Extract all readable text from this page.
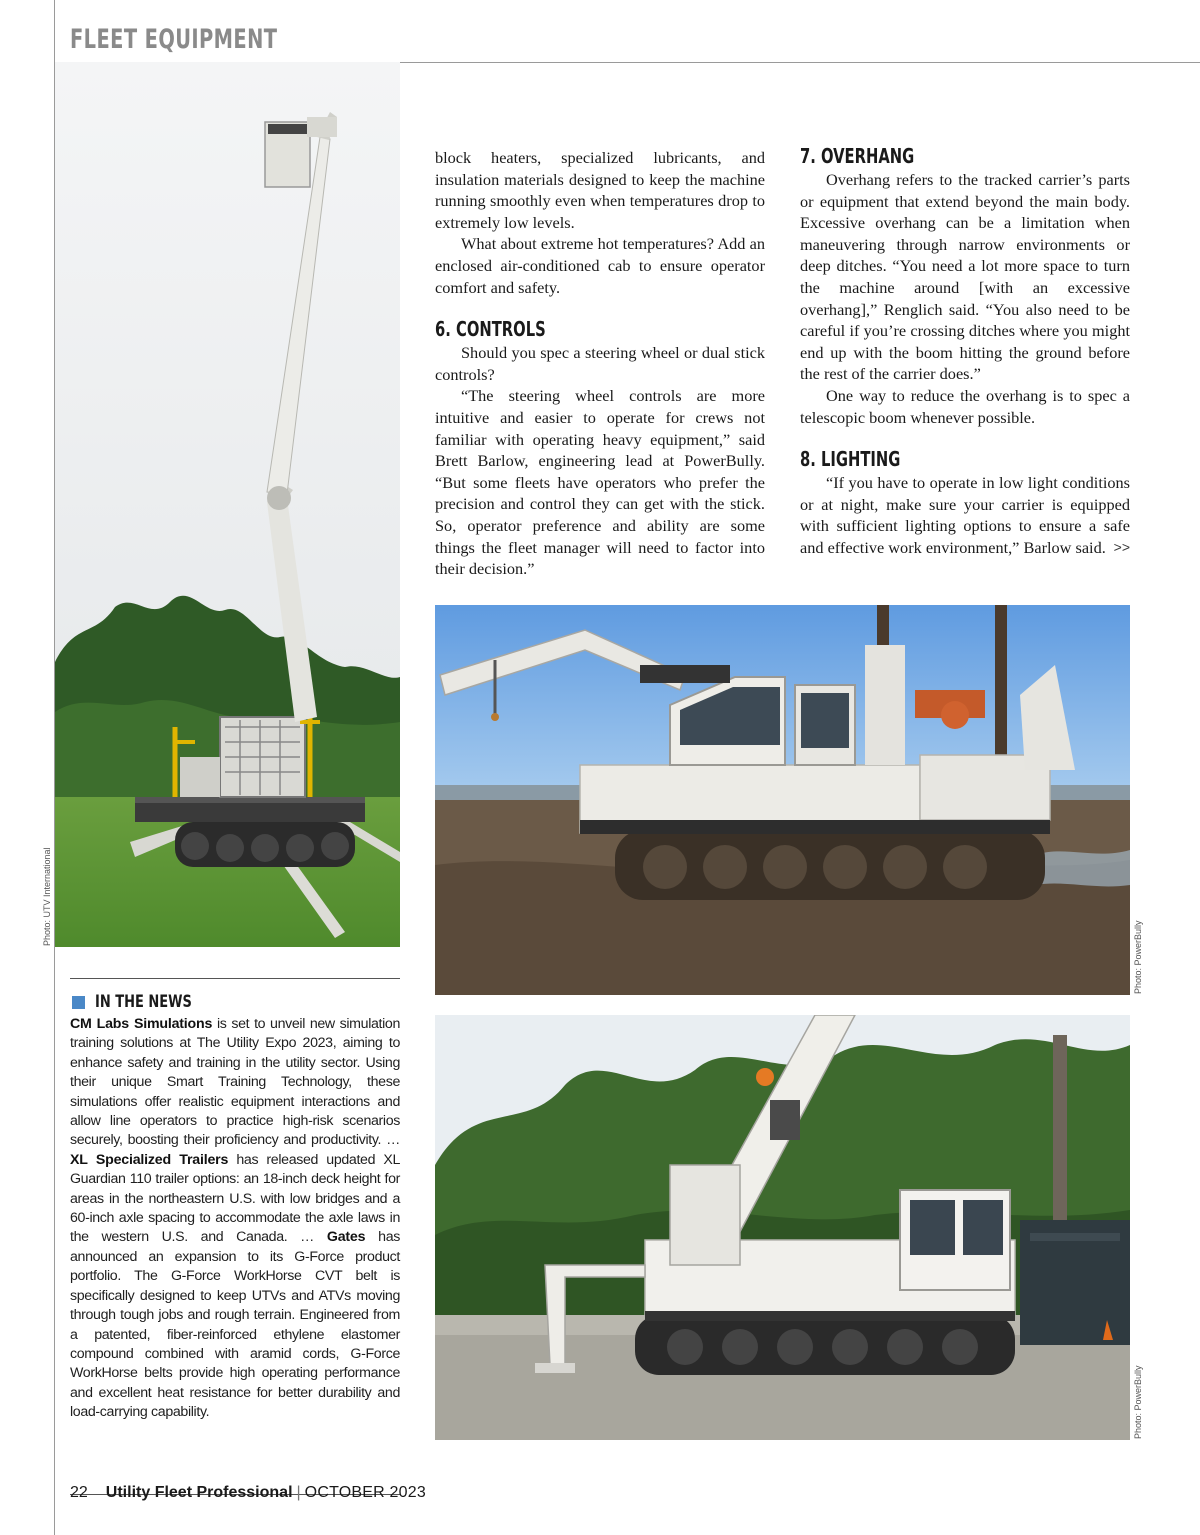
FLEET EQUIPMENT
Photo: UTV International

block heaters, specialized lubricants, and insulation materials designed to keep the machine running smoothly even when temperatures drop to extremely low levels.

What about extreme hot temperatures? Add an enclosed air-conditioned cab to ensure operator comfort and safety.

6. CONTROLS

Should you spec a steering wheel or dual stick controls?

“The steering wheel controls are more intuitive and easier to operate for crews not familiar with operating heavy equipment,” said Brett Barlow, engineering lead at PowerBully. “But some fleets have operators who prefer the precision and control they can get with the stick. So, operator preference and ability are some things the fleet manager will need to factor into their decision.”

7. OVERHANG

Overhang refers to the tracked carrier’s parts or equipment that extend beyond the main body. Excessive overhang can be a limitation when maneuvering through narrow environments or deep ditches. “You need a lot more space to turn the machine around [with an excessive overhang],” Renglich said. “You also need to be careful if you’re crossing ditches where you might end up with the boom hitting the ground before the rest of the carrier does.”

One way to reduce the overhang is to spec a telescopic boom whenever possible.

8. LIGHTING

“If you have to operate in low light conditions or at night, make sure your carrier is equipped with sufficient lighting options to ensure a safe and effective work environment,” Barlow said. >>
Photo: PowerBully
Photo: PowerBully
IN THE NEWS

CM Labs Simulations is set to unveil new simulation training solutions at The Utility Expo 2023, aiming to enhance safety and training in the utility sector. Using their unique Smart Training Technology, these simulations offer realistic equipment interactions and allow line operators to practice high-risk scenarios securely, boosting their proficiency and productivity. … XL Specialized Trailers has released updated XL Guardian 110 trailer options: an 18-inch deck height for areas in the northeastern U.S. with low bridges and a 60-inch axle spacing to accommodate the axle laws in the western U.S. and Canada. … Gates has announced an expansion to its G-Force product portfolio. The G-Force WorkHorse CVT belt is specifically designed to keep UTVs and ATVs moving through tough jobs and rough terrain. Engineered from a patented, fiber-reinforced ethylene elastomer compound combined with aramid cords, G-Force WorkHorse belts provide high operating performance and excellent heat resistance for better durability and load-carrying capability.

22 Utility Fleet Professional | OCTOBER 2023
